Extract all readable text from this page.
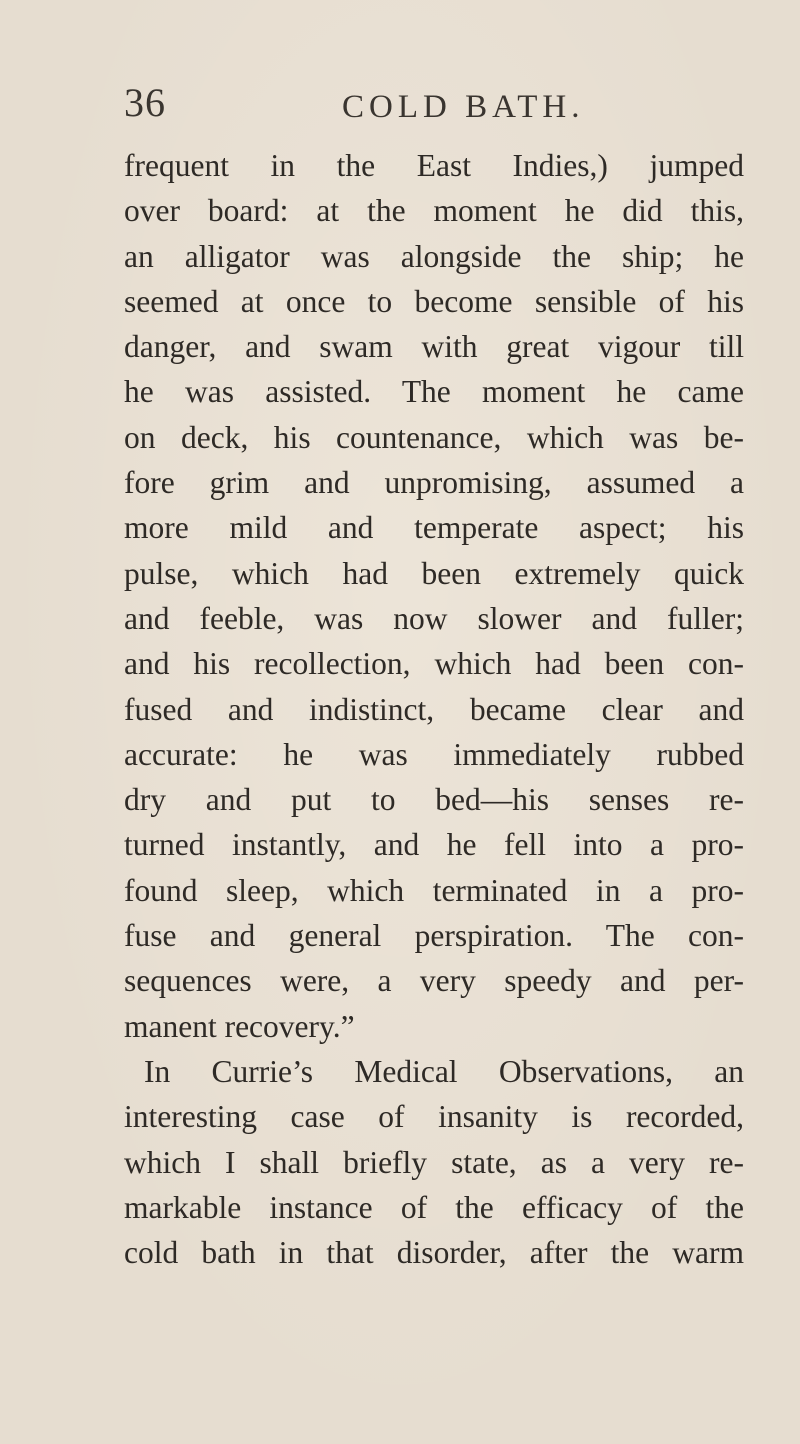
36	COLD BATH.
frequent in the East Indies,) jumped
over board: at the moment he did this,
an alligator was alongside the ship; he
seemed at once to become sensible of his
danger, and swam with great vigour till
he was assisted. The moment he came
on deck, his countenance, which was be-
fore grim and unpromising, assumed a
more mild and temperate aspect; his
pulse, which had been extremely quick
and feeble, was now slower and fuller;
and his recollection, which had been con-
fused and indistinct, became clear and
accurate: he was immediately rubbed
dry and put to bed—his senses re-
turned instantly, and he fell into a pro-
found sleep, which terminated in a pro-
fuse and general perspiration. The con-
sequences were, a very speedy and per-
manent recovery.”
In Currie’s Medical Observations, an
interesting case of insanity is recorded,
which I shall briefly state, as a very re-
markable instance of the efficacy of the
cold bath in that disorder, after the warm
